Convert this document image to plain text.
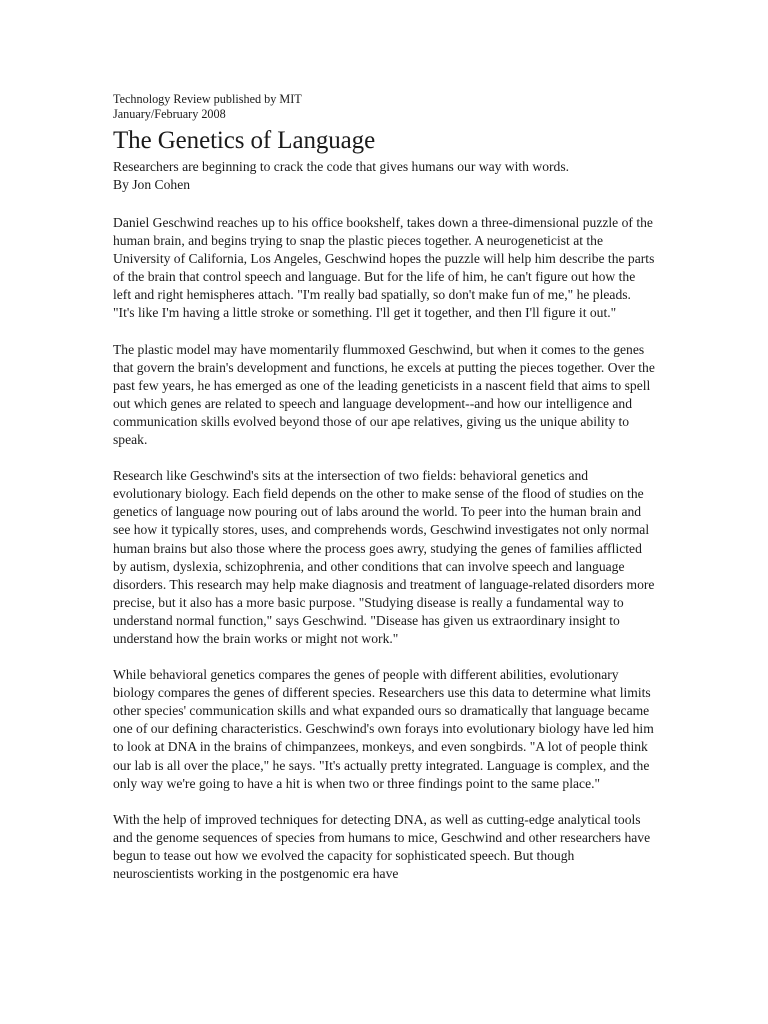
Technology Review published by MIT

January/February 2008

The Genetics of Language

Researchers are beginning to crack the code that gives humans our way with words.

By Jon Cohen

Daniel Geschwind reaches up to his office bookshelf, takes down a three-dimensional puzzle of the human brain, and begins trying to snap the plastic pieces together. A neurogeneticist at the University of California, Los Angeles, Geschwind hopes the puzzle will help him describe the parts of the brain that control speech and language. But for the life of him, he can't figure out how the left and right hemispheres attach. "I'm really bad spatially, so don't make fun of me," he pleads. "It's like I'm having a little stroke or something. I'll get it together, and then I'll figure it out."

The plastic model may have momentarily flummoxed Geschwind, but when it comes to the genes that govern the brain's development and functions, he excels at putting the pieces together. Over the past few years, he has emerged as one of the leading geneticists in a nascent field that aims to spell out which genes are related to speech and language development--and how our intelligence and communication skills evolved beyond those of our ape relatives, giving us the unique ability to speak.

Research like Geschwind's sits at the intersection of two fields: behavioral genetics and evolutionary biology. Each field depends on the other to make sense of the flood of studies on the genetics of language now pouring out of labs around the world. To peer into the human brain and see how it typically stores, uses, and comprehends words, Geschwind investigates not only normal human brains but also those where the process goes awry, studying the genes of families afflicted by autism, dyslexia, schizophrenia, and other conditions that can involve speech and language disorders. This research may help make diagnosis and treatment of language-related disorders more precise, but it also has a more basic purpose. "Studying disease is really a fundamental way to understand normal function," says Geschwind. "Disease has given us extraordinary insight to understand how the brain works or might not work."

While behavioral genetics compares the genes of people with different abilities, evolutionary biology compares the genes of different species. Researchers use this data to determine what limits other species' communication skills and what expanded ours so dramatically that language became one of our defining characteristics. Geschwind's own forays into evolutionary biology have led him to look at DNA in the brains of chimpanzees, monkeys, and even songbirds. "A lot of people think our lab is all over the place," he says. "It's actually pretty integrated. Language is complex, and the only way we're going to have a hit is when two or three findings point to the same place."

With the help of improved techniques for detecting DNA, as well as cutting-edge analytical tools and the genome sequences of species from humans to mice, Geschwind and other researchers have begun to tease out how we evolved the capacity for sophisticated speech. But though neuroscientists working in the postgenomic era have
